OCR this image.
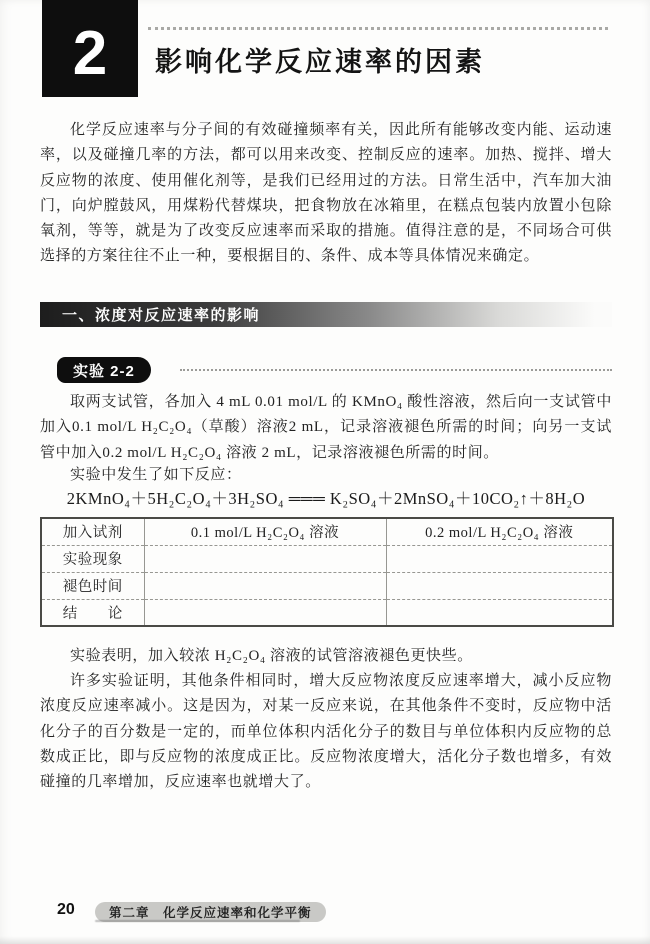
2 影响化学反应速率的因素

化学反应速率与分子间的有效碰撞频率有关，因此所有能够改变内能、运动速率，以及碰撞几率的方法，都可以用来改变、控制反应的速率。加热、搅拌、增大反应物的浓度、使用催化剂等，是我们已经用过的方法。日常生活中，汽车加大油门，向炉膛鼓风，用煤粉代替煤块，把食物放在冰箱里，在糕点包装内放置小包除氧剂，等等，就是为了改变反应速率而采取的措施。值得注意的是，不同场合可供选择的方案往往不止一种，要根据目的、条件、成本等具体情况来确定。

一、浓度对反应速率的影响
实验 2-2

取两支试管，各加入 4 mL 0.01 mol/L 的 KMnO₄ 酸性溶液，然后向一支试管中加入0.1 mol/L H₂C₂O₄（草酸）溶液2 mL，记录溶液褪色所需的时间；向另一支试管中加入0.2 mol/L H₂C₂O₄ 溶液 2 mL，记录溶液褪色所需的时间。

实验中发生了如下反应：

2KMnO₄＋5H₂C₂O₄＋3H₂SO₄ ═══ K₂SO₄＋2MnSO₄＋10CO₂↑＋8H₂O
加入试剂	0.1 mol/L H₂C₂O₄ 溶液	0.2 mol/L H₂C₂O₄ 溶液
实验现象		
褪色时间		
结　　论		

实验表明，加入较浓 H₂C₂O₄ 溶液的试管溶液褪色更快些。

许多实验证明，其他条件相同时，增大反应物浓度反应速率增大，减小反应物浓度反应速率减小。这是因为，对某一反应来说，在其他条件不变时，反应物中活化分子的百分数是一定的，而单位体积内活化分子的数目与单位体积内反应物的总数成正比，即与反应物的浓度成正比。反应物浓度增大，活化分子数也增多，有效碰撞的几率增加，反应速率也就增大了。

20	第二章　化学反应速率和化学平衡
